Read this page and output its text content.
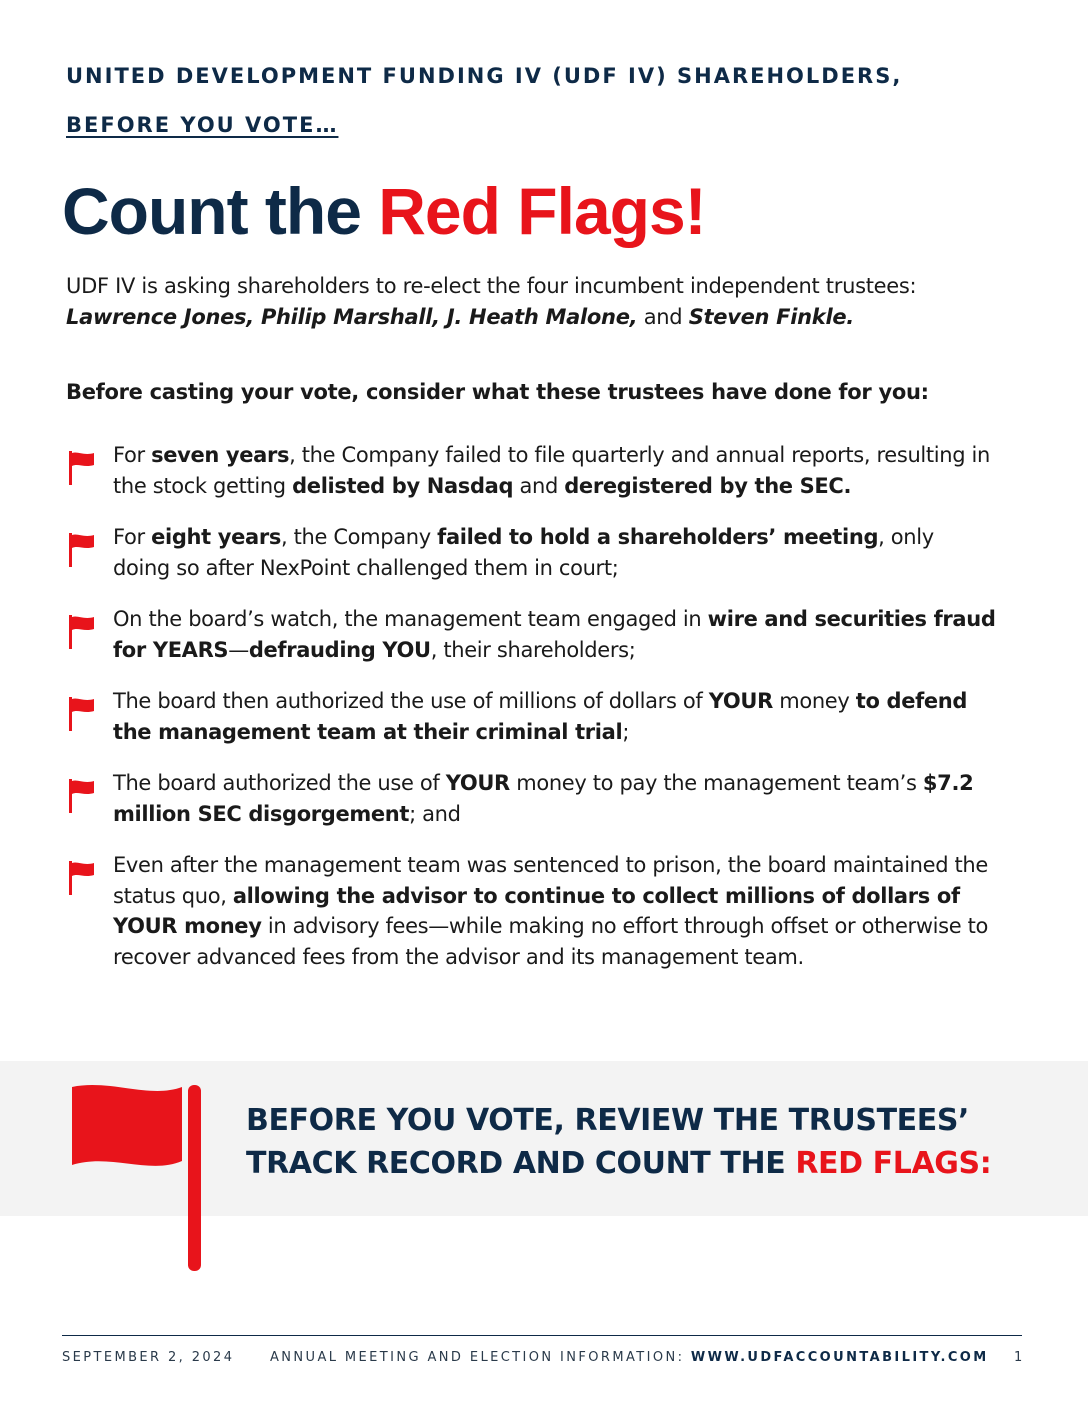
UNITED DEVELOPMENT FUNDING IV (UDF IV) SHAREHOLDERS,
BEFORE YOU VOTE…
Count the Red Flags!

UDF IV is asking shareholders to re-elect the four incumbent independent trustees: Lawrence Jones, Philip Marshall, J. Heath Malone, and Steven Finkle.

Before casting your vote, consider what these trustees have done for you:

For seven years, the Company failed to file quarterly and annual reports, resulting in the stock getting delisted by Nasdaq and deregistered by the SEC.
For eight years, the Company failed to hold a shareholders’ meeting, only doing so after NexPoint challenged them in court;
On the board’s watch, the management team engaged in wire and securities fraud for YEARS—defrauding YOU, their shareholders;
The board then authorized the use of millions of dollars of YOUR money to defend the management team at their criminal trial;
The board authorized the use of YOUR money to pay the management team’s $7.2 million SEC disgorgement; and
Even after the management team was sentenced to prison, the board maintained the status quo, allowing the advisor to continue to collect millions of dollars of YOUR money in advisory fees—while making no effort through offset or otherwise to recover advanced fees from the advisor and its management team.

BEFORE YOU VOTE, REVIEW THE TRUSTEES’
TRACK RECORD AND COUNT THE RED FLAGS:

SEPTEMBER 2, 2024	ANNUAL MEETING AND ELECTION INFORMATION: WWW.UDFACCOUNTABILITY.COM 1
